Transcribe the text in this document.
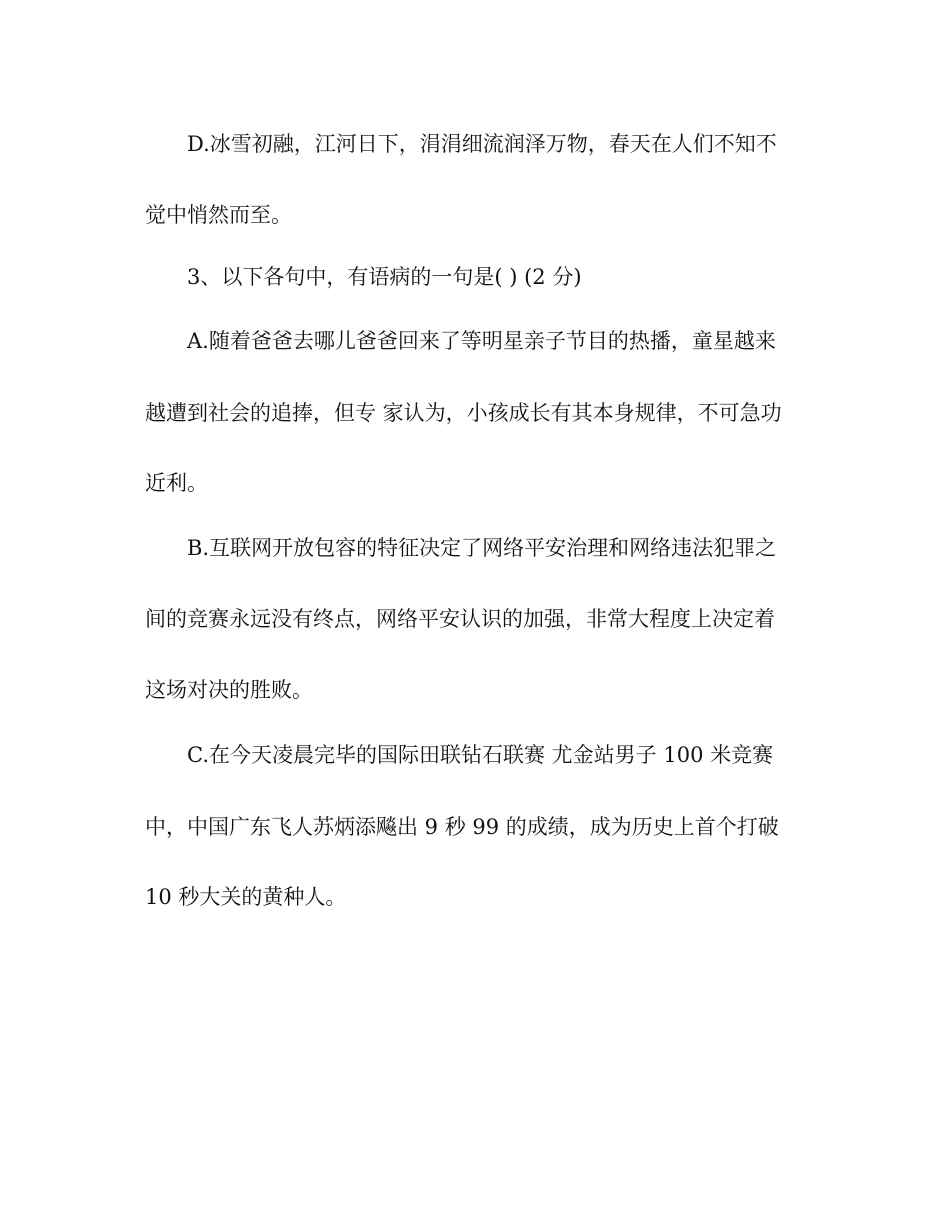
D.冰雪初融，江河日下，涓涓细流润泽万物，春天在人们不知不
觉中悄然而至。
3、以下各句中，有语病的一句是( ) (2 分)
A.随着爸爸去哪儿爸爸回来了等明星亲子节目的热播，童星越来
越遭到社会的追捧，但专 家认为，小孩成长有其本身规律，不可急功
近利。
B.互联网开放包容的特征决定了网络平安治理和网络违法犯罪之
间的竞赛永远没有终点，网络平安认识的加强，非常大程度上决定着
这场对决的胜败。
C.在今天凌晨完毕的国际田联钻石联赛 尤金站男子 100 米竞赛
中，中国广东飞人苏炳添飚出 9 秒 99 的成绩，成为历史上首个打破
10 秒大关的黄种人。
